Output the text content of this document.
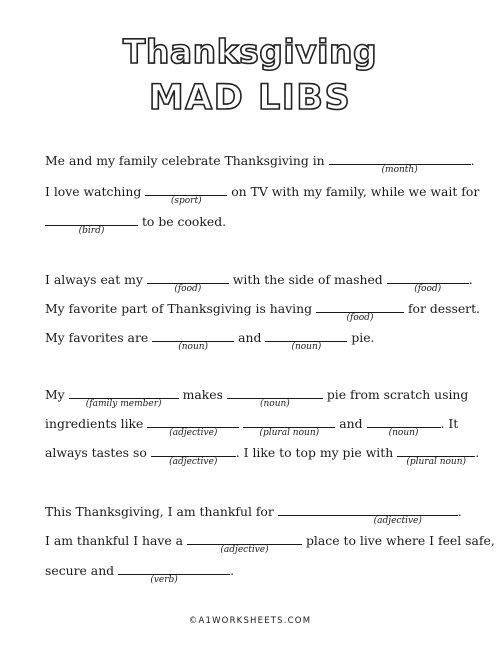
Thanksgiving
MAD LIBS
Me and my family celebrate Thanksgiving in
(month)
.
I love watching
(sport)
on TV with my family, while we wait for
(bird)
to be cooked.
I always eat my
(food)
with the side of mashed
(food)
.
My favorite part of Thanksgiving is having
(food)
for dessert.
My favorites are
(noun)
and
(noun)
pie.
My
(family member)
makes
(noun)
pie from scratch using
ingredients like
(adjective)
	(plural noun)
and
(noun)
. It
always tastes so
(adjective)
. I like to top my pie with
(plural noun)
.
This Thanksgiving, I am thankful for
(adjective)
.
I am thankful I have a
(adjective)
place to live where I feel safe,
secure and
(verb)
.
©A1WORKSHEETS.COM
